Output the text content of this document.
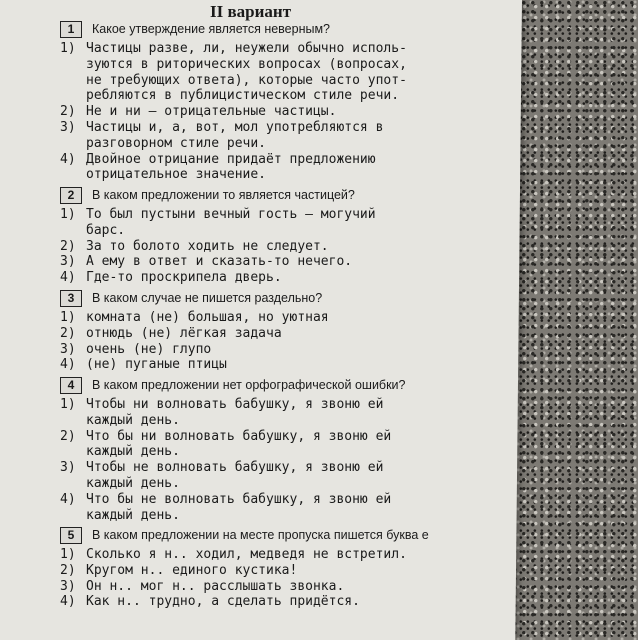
II вариант
1	Какое утверждение является неверным?
1) Частицы разве, ли, неужели обычно исполь-
зуются в риторических вопросах (вопросах,
не требующих ответа), которые часто упот-
ребляются в публицистическом стиле речи.
2) Не и ни — отрицательные частицы.
3) Частицы и, а, вот, мол употребляются в
разговорном стиле речи.
4) Двойное отрицание придаёт предложению
отрицательное значение.
2	В каком предложении то является частицей?
1) То был пустыни вечный гость — могучий
барс.
2) За то болото ходить не следует.
3) А ему в ответ и сказать-то нечего.
4) Где-то проскрипела дверь.
3	В каком случае не пишется раздельно?
1) комната (не) большая, но уютная
2) отнюдь (не) лёгкая задача
3) очень (не) глупо
4) (не) пуганые птицы
4	В каком предложении нет орфографической ошибки?
1) Чтобы ни волновать бабушку, я звоню ей
каждый день.
2) Что бы ни волновать бабушку, я звоню ей
каждый день.
3) Чтобы не волновать бабушку, я звоню ей
каждый день.
4) Что бы не волновать бабушку, я звоню ей
каждый день.
5	В каком предложении на месте пропуска пишется буква е
1) Сколько я н.. ходил, медведя не встретил.
2) Кругом н.. единого кустика!
3) Он н.. мог н.. расслышать звонка.
4) Как н.. трудно, а сделать придётся.
